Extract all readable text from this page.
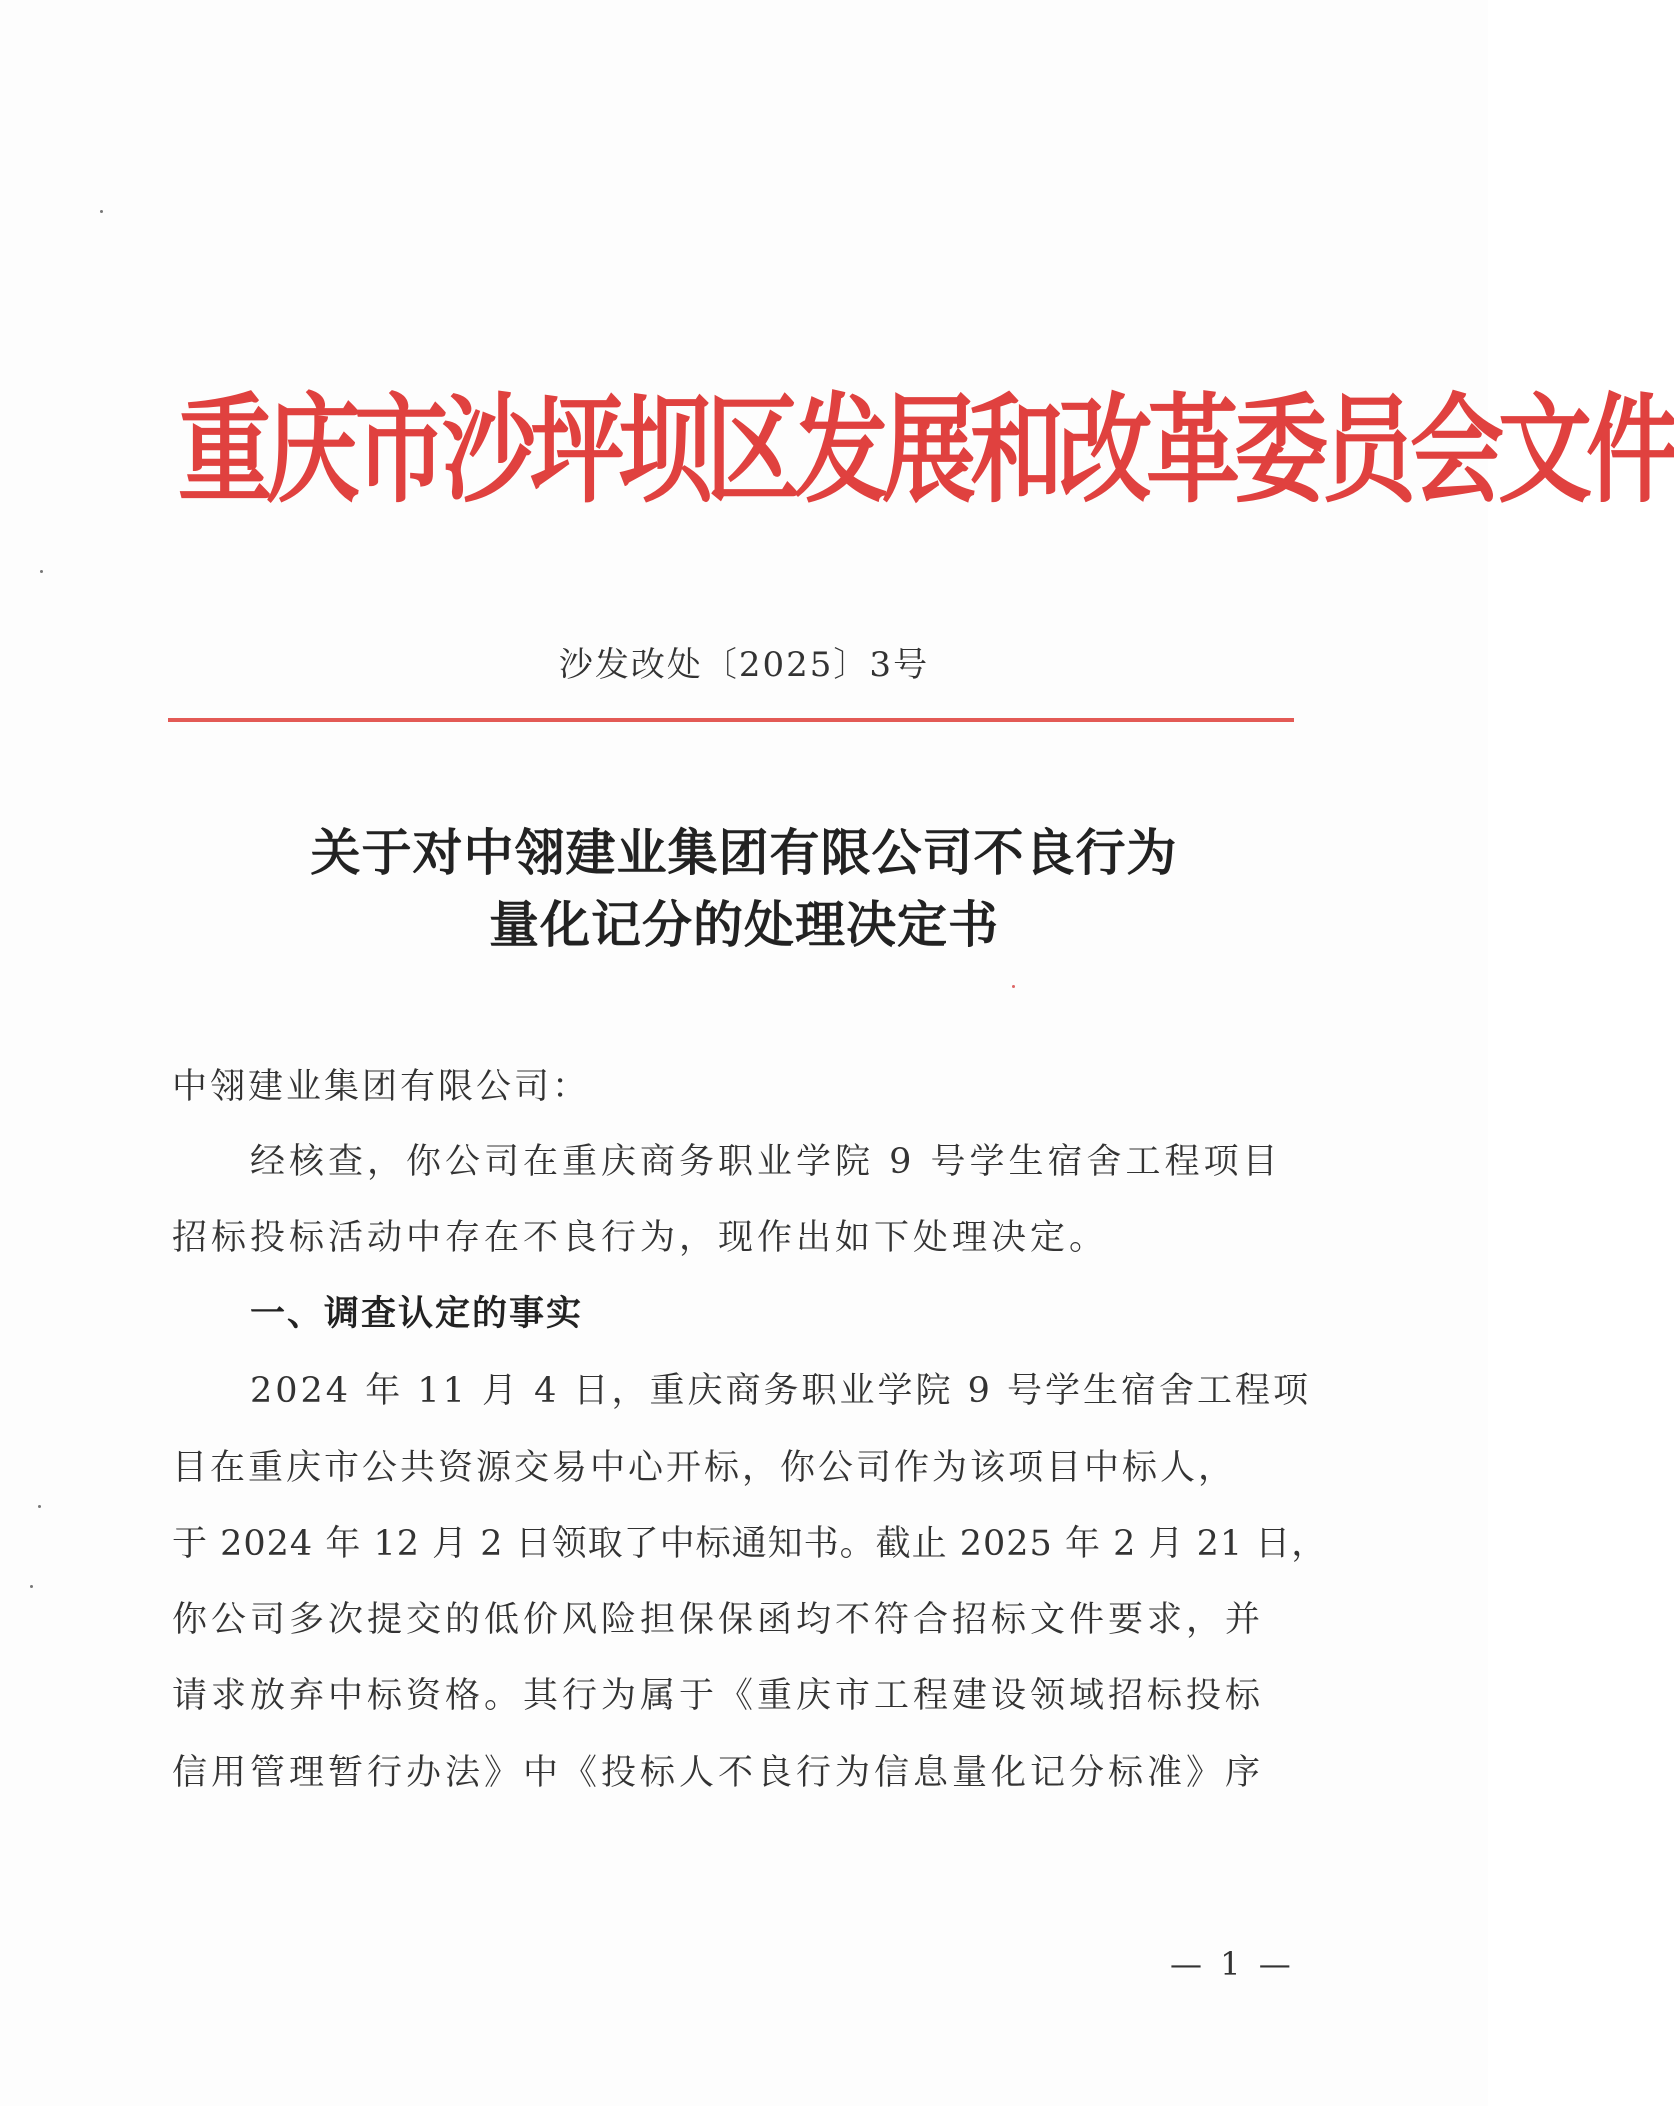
重庆市沙坪坝区发展和改革委员会文件
沙发改处〔2025〕3号
关于对中翎建业集团有限公司不良行为
量化记分的处理决定书
中翎建业集团有限公司：
经核查，你公司在重庆商务职业学院 9 号学生宿舍工程项目
招标投标活动中存在不良行为，现作出如下处理决定。
一、调查认定的事实
2024 年 11 月 4 日，重庆商务职业学院 9 号学生宿舍工程项
目在重庆市公共资源交易中心开标，你公司作为该项目中标人，
于 2024 年 12 月 2 日领取了中标通知书。截止 2025 年 2 月 21 日，
你公司多次提交的低价风险担保保函均不符合招标文件要求，并
请求放弃中标资格。其行为属于《重庆市工程建设领域招标投标
信用管理暂行办法》中《投标人不良行为信息量化记分标准》序
— 1 —
